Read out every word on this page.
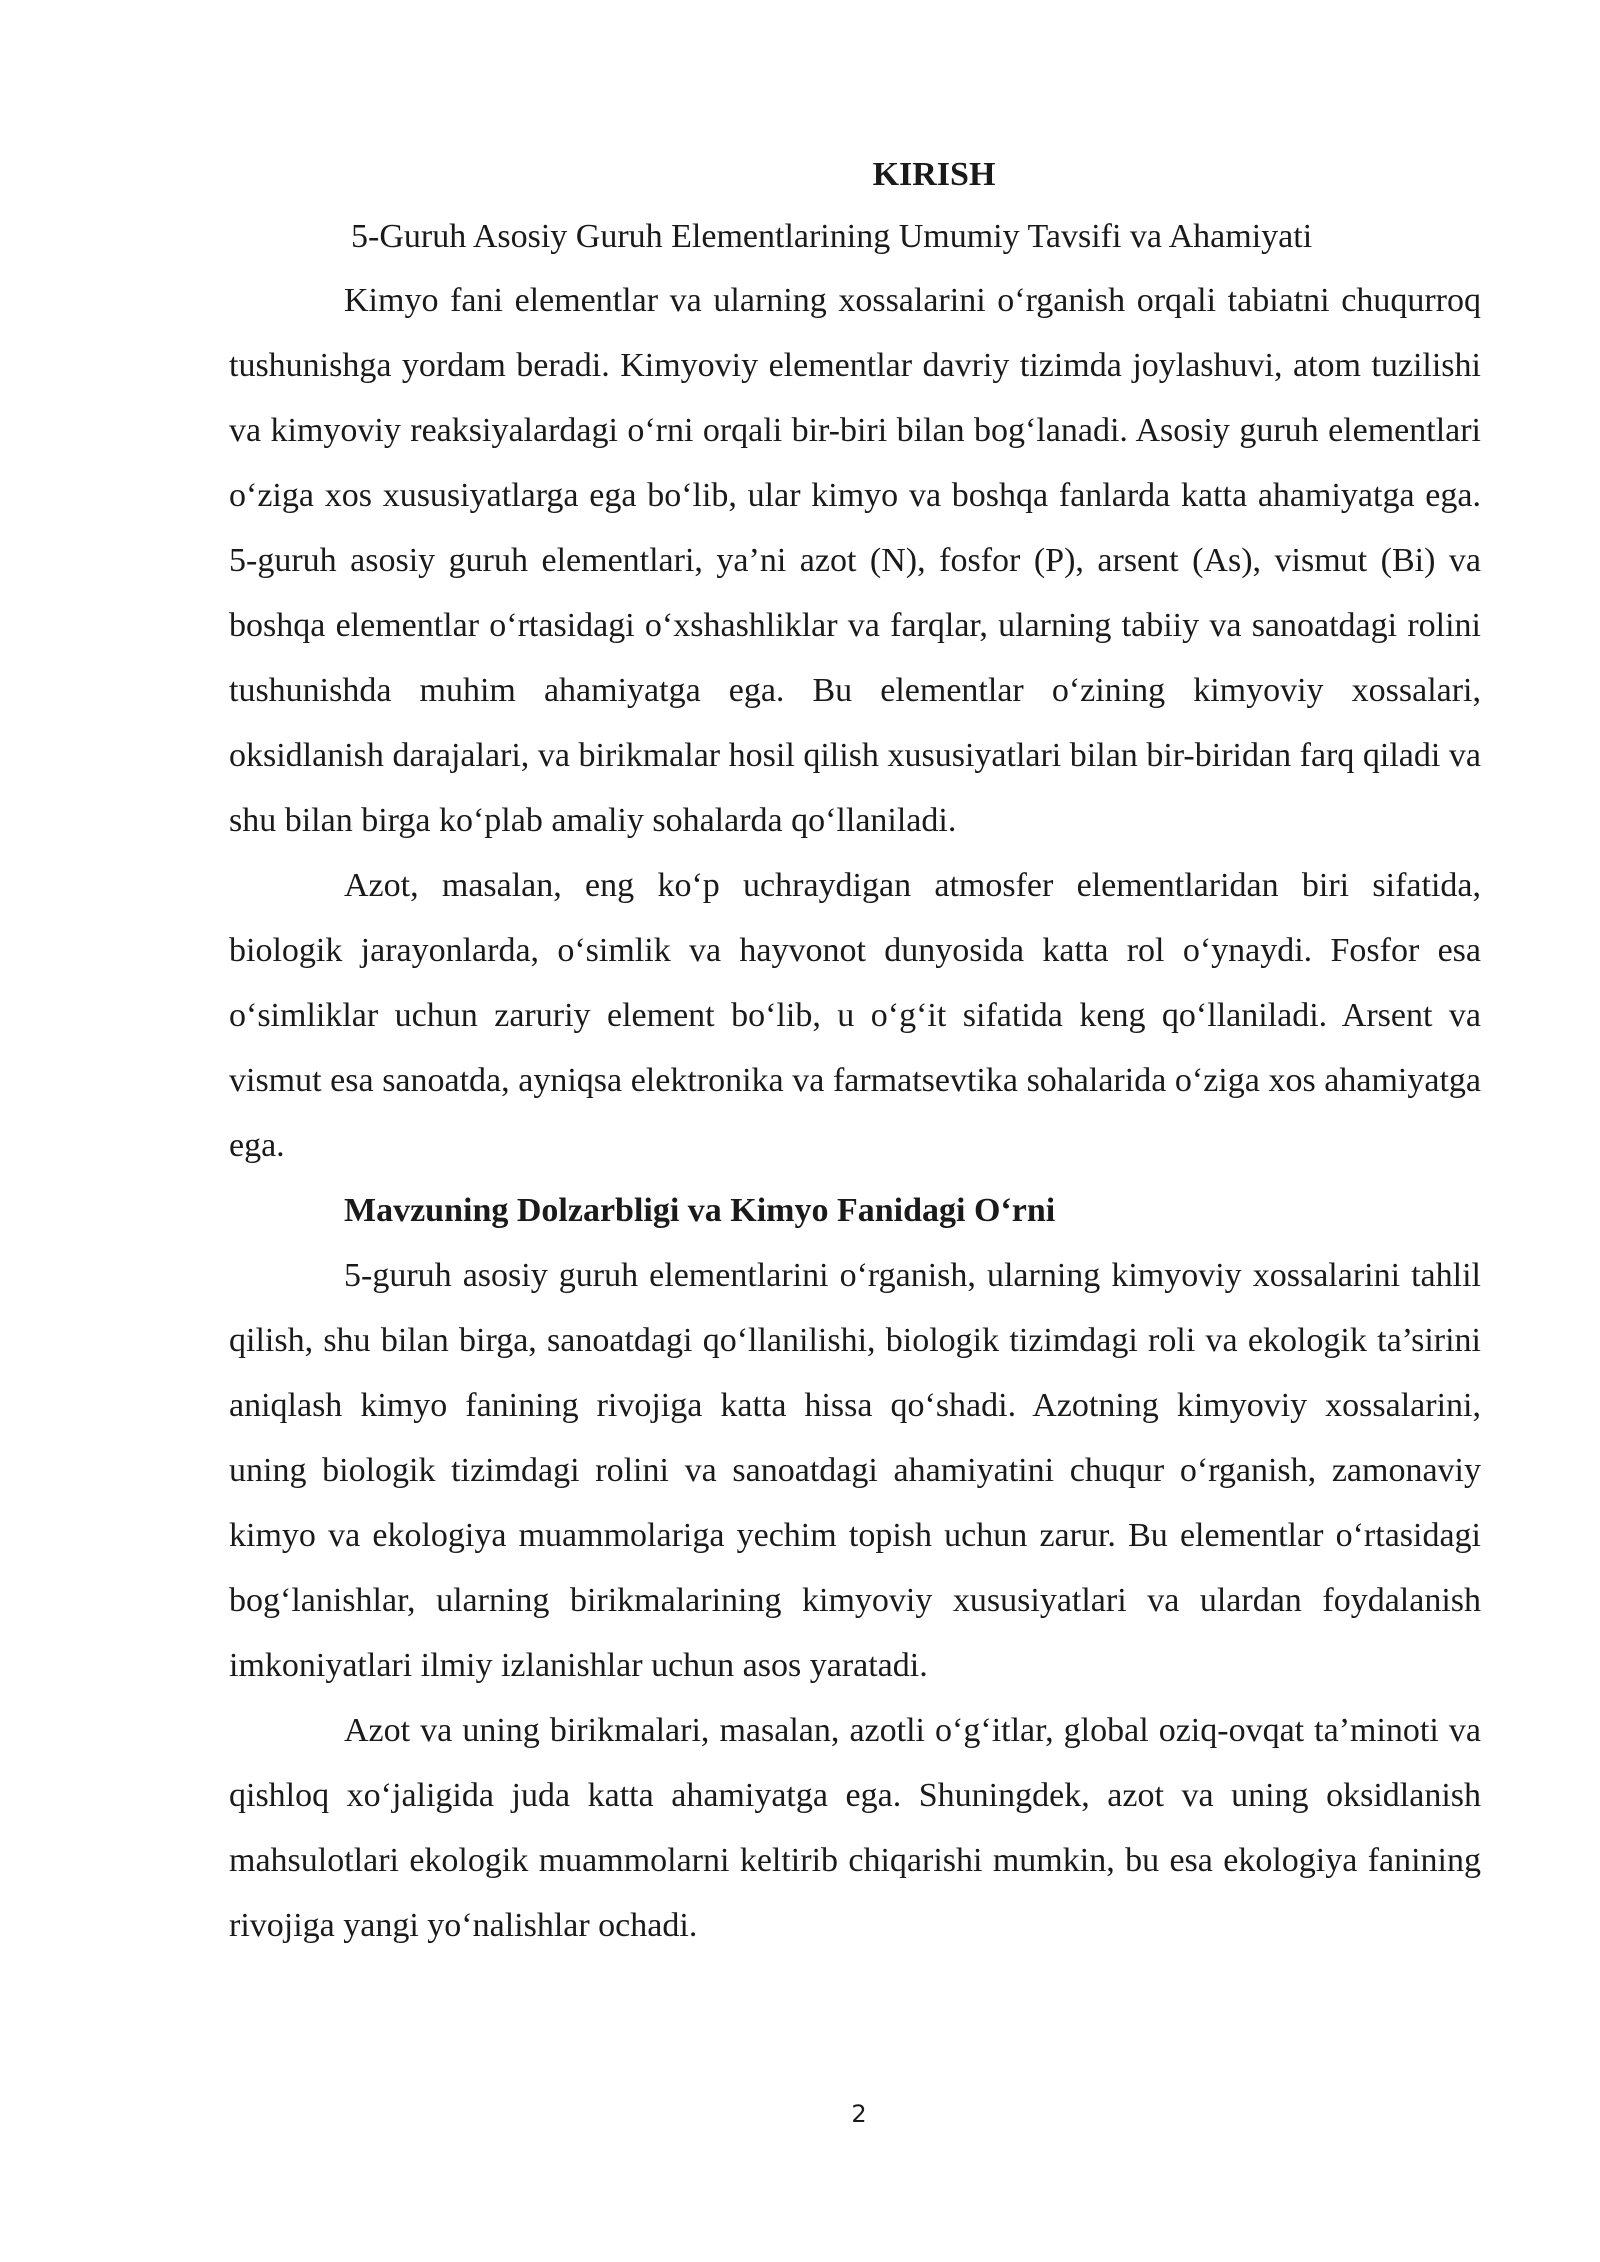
KIRISH

5-Guruh Asosiy Guruh Elementlarining Umumiy Tavsifi va Ahamiyati

Kimyo fani elementlar va ularning xossalarini o‘rganish orqali tabiatni chuqurroq tushunishga yordam beradi. Kimyoviy elementlar davriy tizimda joylashuvi, atom tuzilishi va kimyoviy reaksiyalardagi o‘rni orqali bir-biri bilan bog‘lanadi. Asosiy guruh elementlari o‘ziga xos xususiyatlarga ega bo‘lib, ular kimyo va boshqa fanlarda katta ahamiyatga ega. 5-guruh asosiy guruh elementlari, ya’ni azot (N), fosfor (P), arsent (As), vismut (Bi) va boshqa elementlar o‘rtasidagi o‘xshashliklar va farqlar, ularning tabiiy va sanoatdagi rolini tushunishda muhim ahamiyatga ega. Bu elementlar o‘zining kimyoviy xossalari, oksidlanish darajalari, va birikmalar hosil qilish xususiyatlari bilan bir-biridan farq qiladi va shu bilan birga ko‘plab amaliy sohalarda qo‘llaniladi.

Azot, masalan, eng ko‘p uchraydigan atmosfer elementlaridan biri sifatida, biologik jarayonlarda, o‘simlik va hayvonot dunyosida katta rol o‘ynaydi. Fosfor esa o‘simliklar uchun zaruriy element bo‘lib, u o‘g‘it sifatida keng qo‘llaniladi. Arsent va vismut esa sanoatda, ayniqsa elektronika va farmatsevtika sohalarida o‘ziga xos ahamiyatga ega.

Mavzuning Dolzarbligi va Kimyo Fanidagi O‘rni

5-guruh asosiy guruh elementlarini o‘rganish, ularning kimyoviy xossalarini tahlil qilish, shu bilan birga, sanoatdagi qo‘llanilishi, biologik tizimdagi roli va ekologik ta’sirini aniqlash kimyo fanining rivojiga katta hissa qo‘shadi. Azotning kimyoviy xossalarini, uning biologik tizimdagi rolini va sanoatdagi ahamiyatini chuqur o‘rganish, zamonaviy kimyo va ekologiya muammolariga yechim topish uchun zarur. Bu elementlar o‘rtasidagi bog‘lanishlar, ularning birikmalarining kimyoviy xususiyatlari va ulardan foydalanish imkoniyatlari ilmiy izlanishlar uchun asos yaratadi.

Azot va uning birikmalari, masalan, azotli o‘g‘itlar, global oziq-ovqat ta’minoti va qishloq xo‘jaligida juda katta ahamiyatga ega. Shuningdek, azot va uning oksidlanish mahsulotlari ekologik muammolarni keltirib chiqarishi mumkin, bu esa ekologiya fanining rivojiga yangi yo‘nalishlar ochadi.

2
